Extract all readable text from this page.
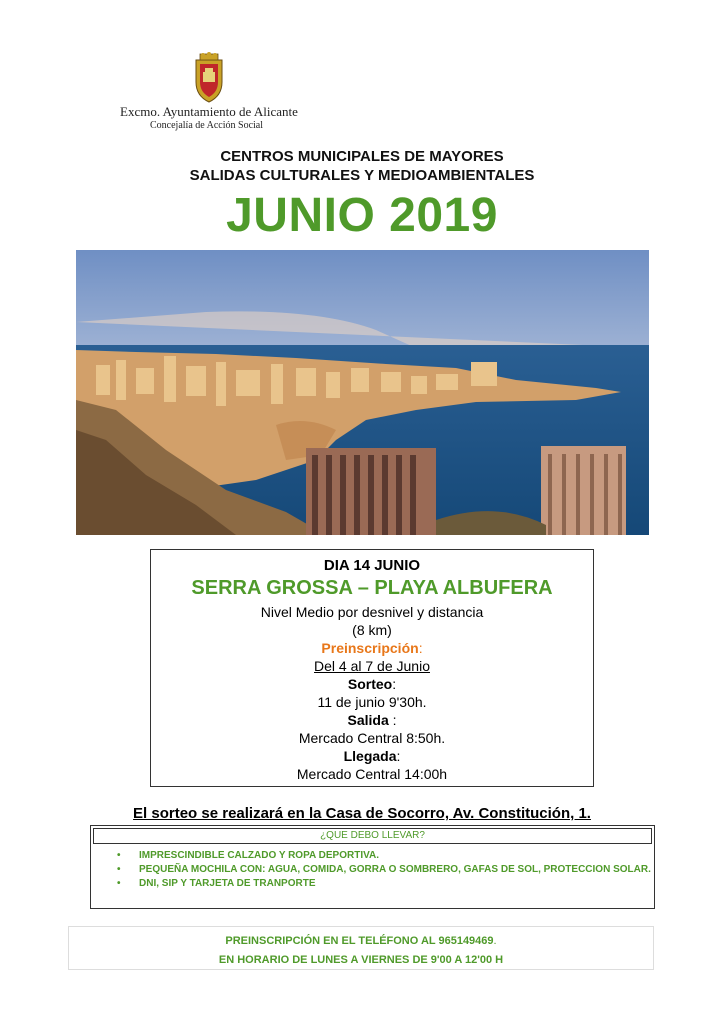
Excmo. Ayuntamiento de Alicante
Concejalía de Acción Social
CENTROS MUNICIPALES DE MAYORES
SALIDAS CULTURALES Y MEDIOAMBIENTALES
JUNIO 2019
DIA 14 JUNIO
SERRA GROSSA – PLAYA ALBUFERA
Nivel Medio por desnivel y distancia
(8 km)
Preinscripción:
Del 4 al 7 de Junio
Sorteo:
11 de junio 9'30h.
Salida :
Mercado Central 8:50h.
Llegada:
Mercado Central 14:00h
El sorteo se realizará en la Casa de Socorro, Av. Constitución, 1.
¿QUE DEBO LLEVAR?
• IMPRESCINDIBLE CALZADO Y ROPA DEPORTIVA.
• PEQUEÑA MOCHILA CON: AGUA, COMIDA, GORRA O SOMBRERO, GAFAS DE SOL, PROTECCION SOLAR.
• DNI, SIP Y TARJETA DE TRANPORTE
PREINSCRIPCIÓN EN EL TELÉFONO AL 965149469.
EN HORARIO DE LUNES A VIERNES DE 9'00 A 12'00 H
